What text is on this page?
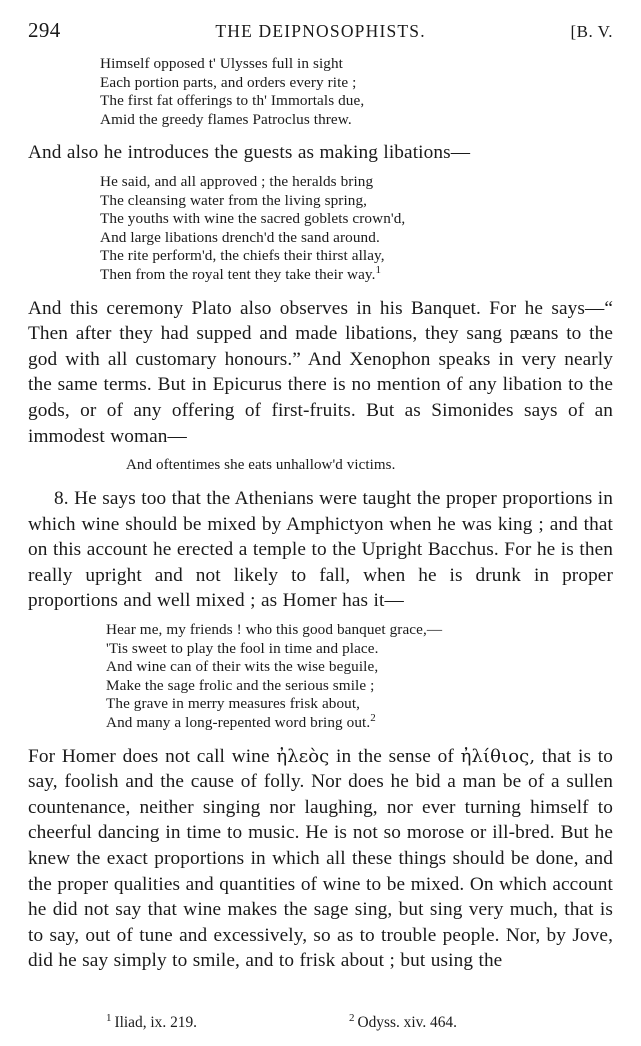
294	THE DEIPNOSOPHISTS.	[B. V.
Himself opposed t' Ulysses full in sight
Each portion parts, and orders every rite ;
The first fat offerings to th' Immortals due,
Amid the greedy flames Patroclus threw.

And also he introduces the guests as making libations—

He said, and all approved ; the heralds bring
The cleansing water from the living spring,
The youths with wine the sacred goblets crown'd,
And large libations drench'd the sand around.
The rite perform'd, the chiefs their thirst allay,
Then from the royal tent they take their way.$^1$

And this ceremony Plato also observes in his Banquet. For he says—“ Then after they had supped and made libations, they sang pæans to the god with all customary honours.” And Xenophon speaks in very nearly the same terms. But in Epicurus there is no mention of any libation to the gods, or of any offering of first-fruits. But as Simonides says of an immodest woman—

And oftentimes she eats unhallow'd victims.

8. He says too that the Athenians were taught the proper proportions in which wine should be mixed by Amphictyon when he was king ; and that on this account he erected a temple to the Upright Bacchus. For he is then really upright and not likely to fall, when he is drunk in proper proportions and well mixed ; as Homer has it—

Hear me, my friends ! who this good banquet grace,—
'Tis sweet to play the fool in time and place.
And wine can of their wits the wise beguile,
Make the sage frolic and the serious smile ;
The grave in merry measures frisk about,
And many a long-repented word bring out.$^2$

For Homer does not call wine ἠλεὸς in the sense of ἠλίθιος, that is to say, foolish and the cause of folly. Nor does he bid a man be of a sullen countenance, neither singing nor laughing, nor ever turning himself to cheerful dancing in time to music. He is not so morose or ill-bred. But he knew the exact proportions in which all these things should be done, and the proper qualities and quantities of wine to be mixed. On which account he did not say that wine makes the sage sing, but sing very much, that is to say, out of tune and excessively, so as to trouble people. Nor, by Jove, did he say simply to smile, and to frisk about ; but using the

$^1$ Iliad, ix. 219.	$^2$ Odyss. xiv. 464.
